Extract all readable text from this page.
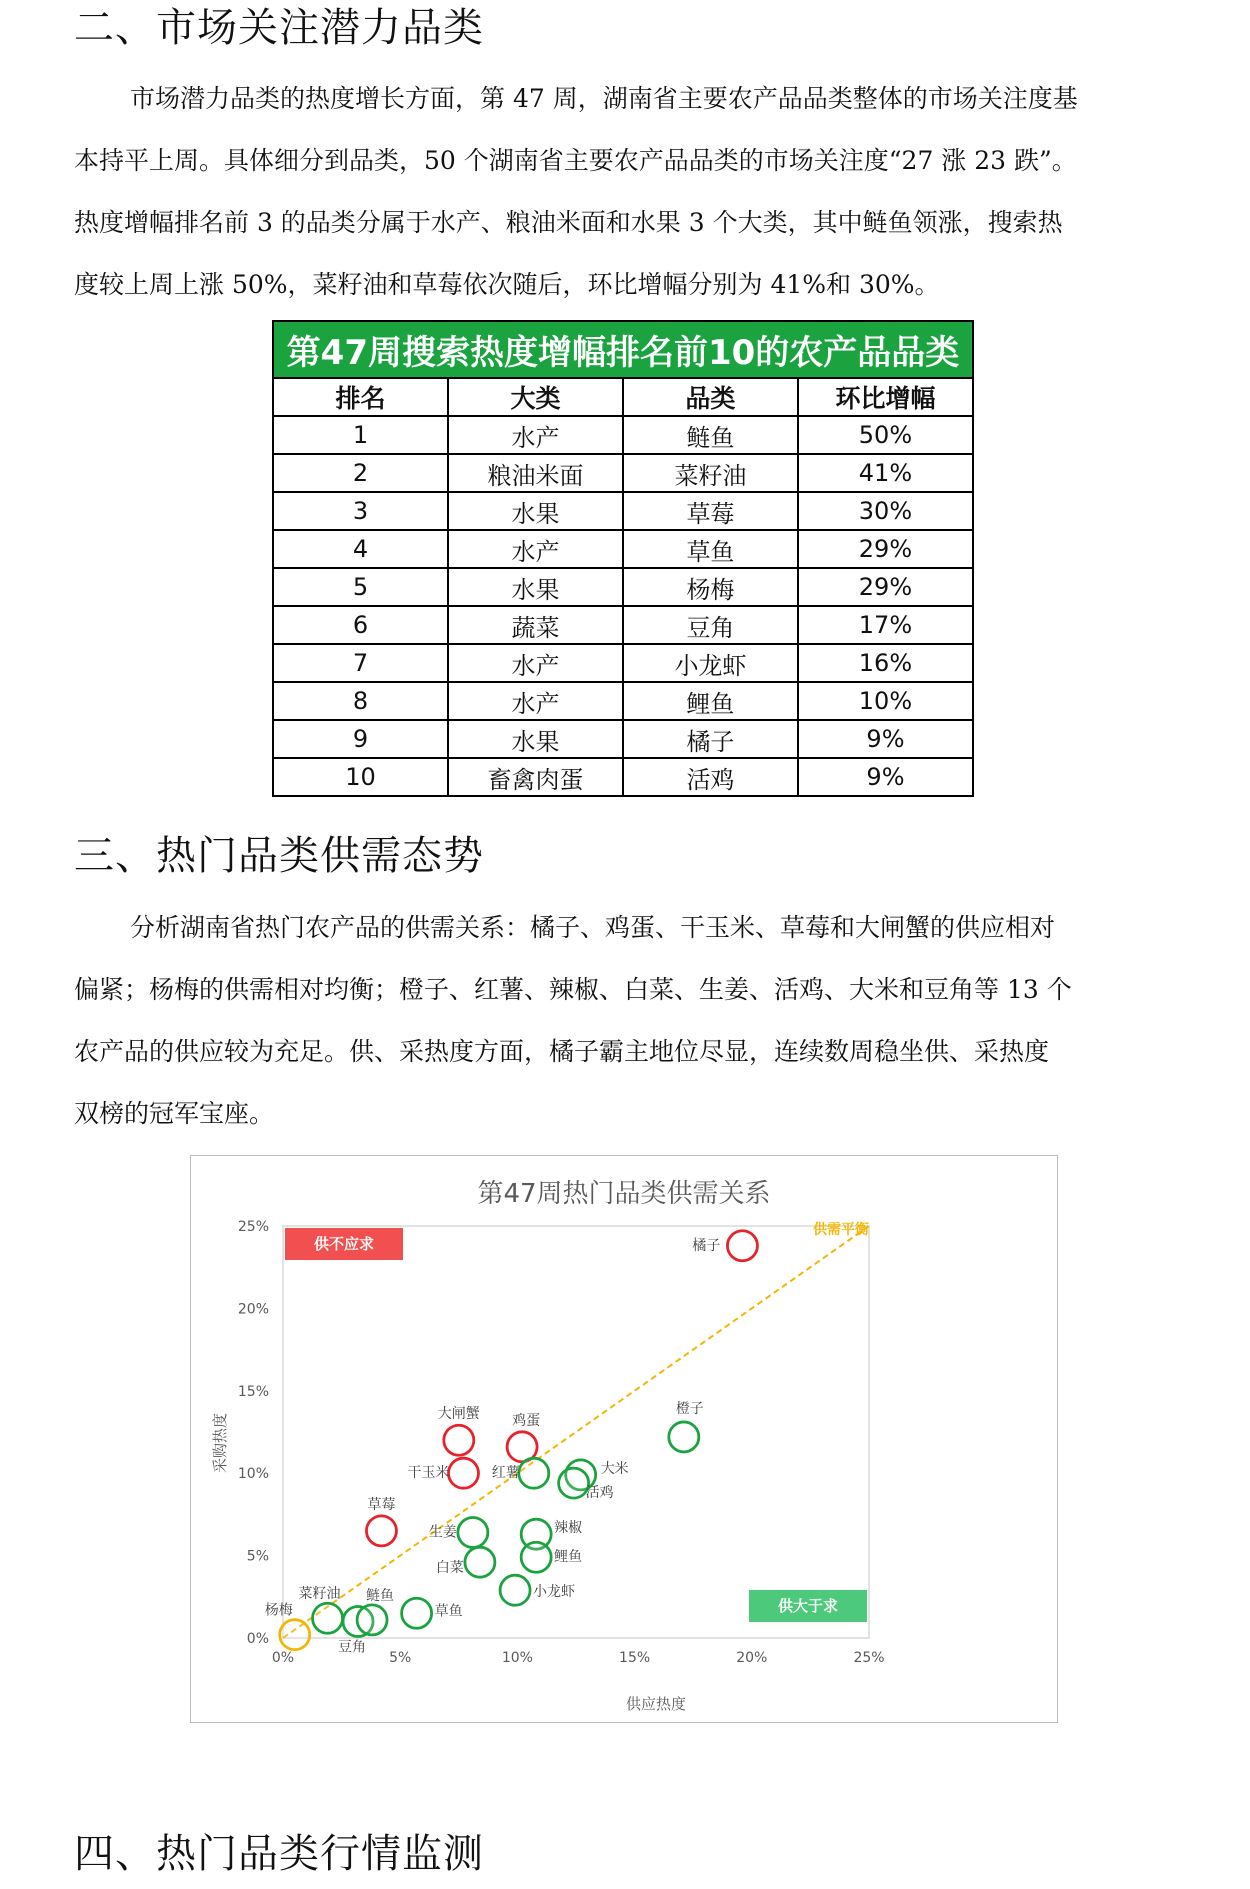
二、市场关注潜力品类

市场潜力品类的热度增长方面，第 47 周，湖南省主要农产品品类整体的市场关注度基
本持平上周。具体细分到品类，50 个湖南省主要农产品品类的市场关注度“27 涨 23 跌”。
热度增幅排名前 3 的品类分属于水产、粮油米面和水果 3 个大类，其中鲢鱼领涨，搜索热
度较上周上涨 50%，菜籽油和草莓依次随后，环比增幅分别为 41%和 30%。

第47周搜索热度增幅排名前10的农产品品类			
排名	大类	品类	环比增幅
1	水产	鲢鱼	50%
2	粮油米面	菜籽油	41%
3	水果	草莓	30%
4	水产	草鱼	29%
5	水果	杨梅	29%
6	蔬菜	豆角	17%
7	水产	小龙虾	16%
8	水产	鲤鱼	10%
9	水果	橘子	9%
10	畜禽肉蛋	活鸡	9%
三、热门品类供需态势

分析湖南省热门农产品的供需关系：橘子、鸡蛋、干玉米、草莓和大闸蟹的供应相对
偏紧；杨梅的供需相对均衡；橙子、红薯、辣椒、白菜、生姜、活鸡、大米和豆角等 13 个
农产品的供应较为充足。供、采热度方面，橘子霸主地位尽显，连续数周稳坐供、采热度
双榜的冠军宝座。

第47周热门品类供需关系
供不应求
供大于求
供需平衡
橘子
大闸蟹 鸡蛋
干玉米
草莓
杨梅
橙子
红薯	大米
活鸡
生姜	辣椒
白菜
鲤鱼
小龙虾
菜籽油
豆角
鲢鱼
草鱼
0%
0%
5%
5%
10%
10%
15%
15%
20%
20%
25%
25%
供应热度
采购热度
四、热门品类行情监测
